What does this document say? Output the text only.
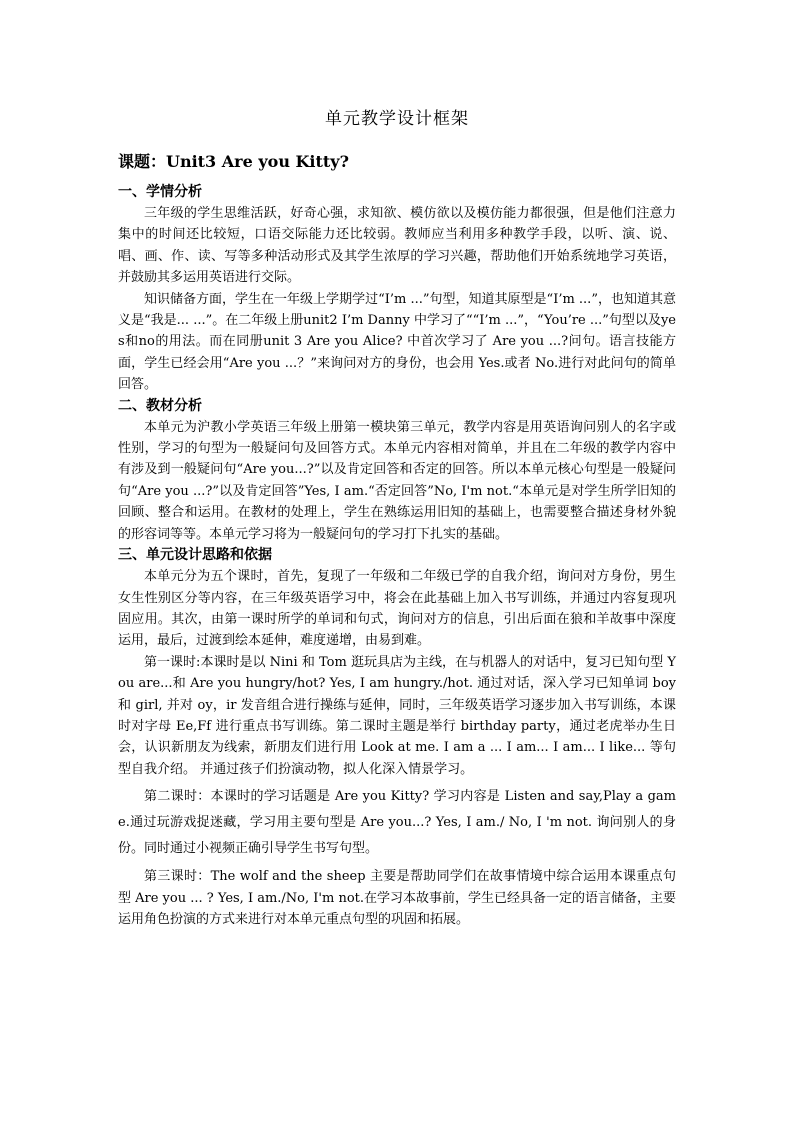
单元教学设计框架
课题：Unit3 Are you Kitty?
一、学情分析

三年级的学生思维活跃，好奇心强，求知欲、模仿欲以及模仿能力都很强，但是他们注意力集中的时间还比较短，口语交际能力还比较弱。教师应当利用多种教学手段，以听、演、说、唱、画、作、读、写等多种活动形式及其学生浓厚的学习兴趣，帮助他们开始系统地学习英语，并鼓励其多运用英语进行交际。

知识储备方面，学生在一年级上学期学过“I’m ...”句型，知道其原型是“I’m ...”，也知道其意义是“我是... ...”。在二年级上册unit2 I’m Danny 中学习了““I’m ...”，“You’re ...”句型以及yes和no的用法。而在同册unit 3 Are you Alice? 中首次学习了 Are you ...?问句。语言技能方面，学生已经会用“Are you ...？”来询问对方的身份，也会用 Yes.或者 No.进行对此问句的简单回答。

二、教材分析

本单元为沪教小学英语三年级上册第一模块第三单元，教学内容是用英语询问别人的名字或性别，学习的句型为一般疑问句及回答方式。本单元内容相对简单，并且在二年级的教学内容中有涉及到一般疑问句“Are you...?”以及肯定回答和否定的回答。所以本单元核心句型是一般疑问句“Are you ...?”以及肯定回答”Yes, I am.“否定回答”No, I'm not.“本单元是对学生所学旧知的回顾、整合和运用。在教材的处理上，学生在熟练运用旧知的基础上，也需要整合描述身材外貌的形容词等等。本单元学习将为一般疑问句的学习打下扎实的基础。

三、单元设计思路和依据

本单元分为五个课时，首先，复现了一年级和二年级已学的自我介绍，询问对方身份，男生女生性别区分等内容，在三年级英语学习中，将会在此基础上加入书写训练，并通过内容复现巩固应用。其次，由第一课时所学的单词和句式，询问对方的信息，引出后面在狼和羊故事中深度运用，最后，过渡到绘本延伸，难度递增，由易到难。

第一课时:本课时是以 Nini 和 Tom 逛玩具店为主线，在与机器人的对话中，复习已知句型 You are...和 Are you hungry/hot? Yes, I am hungry./hot. 通过对话，深入学习已知单词 boy 和 girl, 并对 oy，ir 发音组合进行操练与延伸，同时，三年级英语学习逐步加入书写训练，本课时对字母 Ee,Ff 进行重点书写训练。第二课时主题是举行 birthday party，通过老虎举办生日会，认识新朋友为线索，新朋友们进行用 Look at me. I am a ... I am... I am... I like... 等句型自我介绍。 并通过孩子们扮演动物，拟人化深入情景学习。

第二课时：本课时的学习话题是 Are you Kitty? 学习内容是 Listen and say,Play a game.通过玩游戏捉迷藏，学习用主要句型是 Are you...? Yes, I am./ No, I 'm not. 询问别人的身份。同时通过小视频正确引导学生书写句型。

第三课时：The wolf and the sheep 主要是帮助同学们在故事情境中综合运用本课重点句型 Are you ... ? Yes, I am./No, I'm not.在学习本故事前，学生已经具备一定的语言储备，主要运用角色扮演的方式来进行对本单元重点句型的巩固和拓展。
